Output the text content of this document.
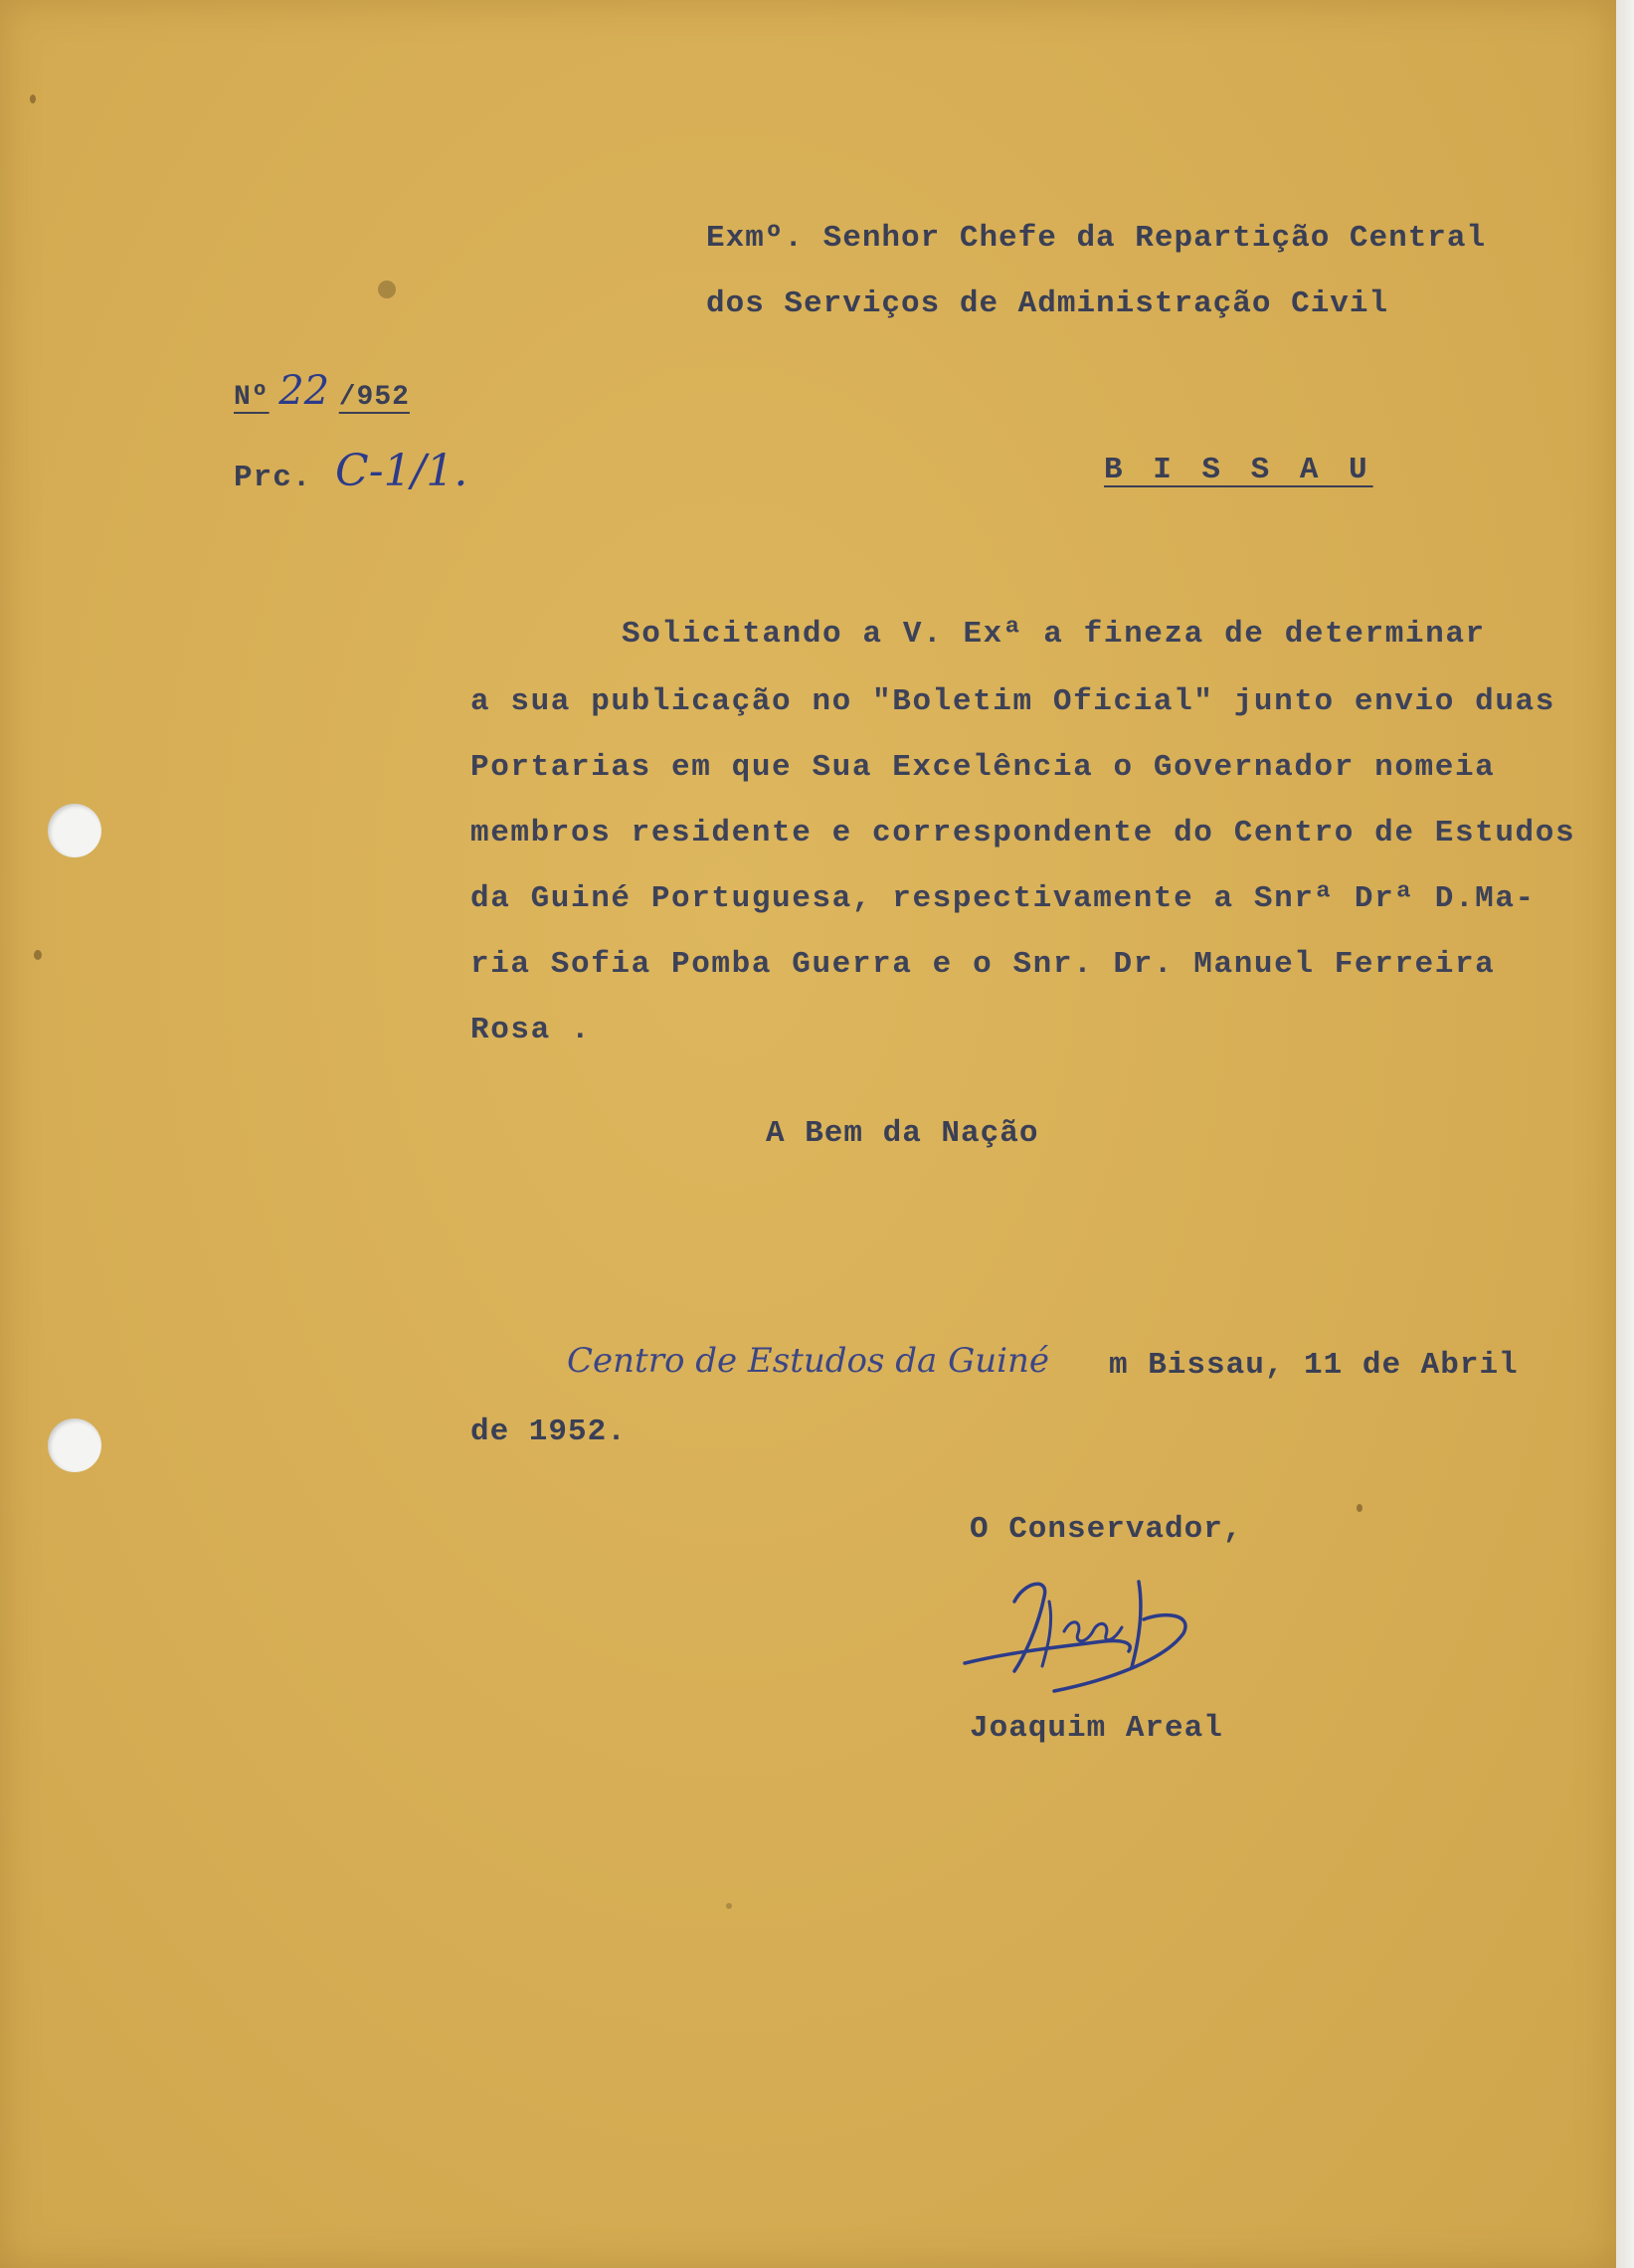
Exmº. Senhor Chefe da Repartição Central
dos Serviços de Administração Civil
Nº 22 /952
Prc. C-1/1.	B I S S A U
Solicitando a V. Exª a fineza de determinar
a sua publicação no "Boletim Oficial" junto envio duas
Portarias em que Sua Excelência o Governador nomeia
membros residente e correspondente do Centro de Estudos
da Guiné Portuguesa, respectivamente a Snrª Drª D.Ma-
ria Sofia Pomba Guerra e o Snr. Dr. Manuel Ferreira
Rosa .
A Bem da Nação
Centro de Estudos da Guiné m Bissau, 11 de Abril
de 1952.
O Conservador,
Joaquim Areal
